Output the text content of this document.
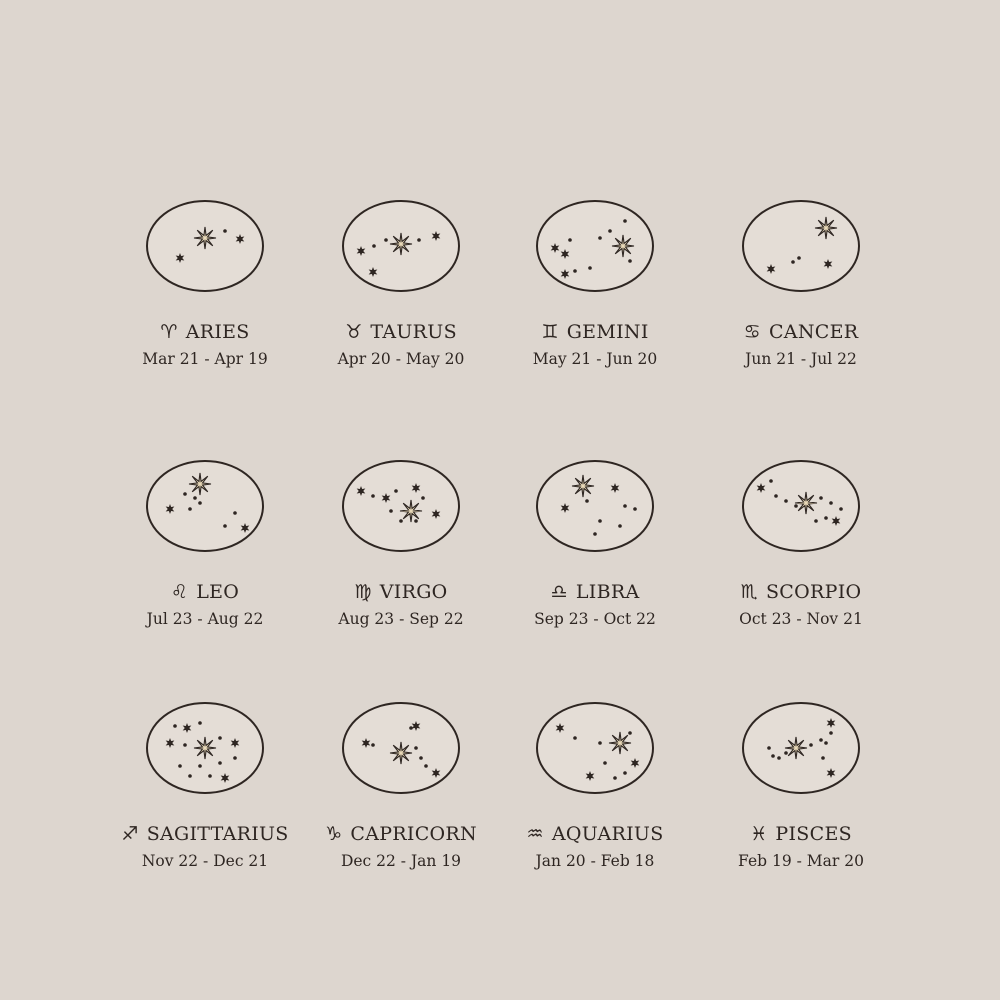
♈ ARIES
Mar 21 - Apr 19
♉ TAURUS
Apr 20 - May 20
♊ GEMINI
May 21 - Jun 20
♋ CANCER
Jun 21 - Jul 22
♌ LEO
Jul 23 - Aug 22
♍ VIRGO
Aug 23 - Sep 22
♎ LIBRA
Sep 23 - Oct 22
♏ SCORPIO
Oct 23 - Nov 21
♐ SAGITTARIUS
Nov 22 - Dec 21
♑ CAPRICORN
Dec 22 - Jan 19
♒ AQUARIUS
Jan 20 - Feb 18
♓ PISCES
Feb 19 - Mar 20
